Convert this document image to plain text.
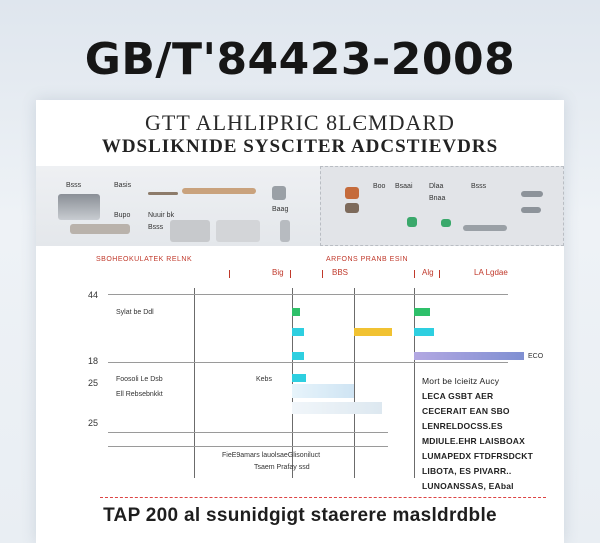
GB/T'84423-2008
GTT ALHLIPRIC 8LЄMDARD
WDSLIKNIDE SYSCITER ADCSTIEVDRS
Bsss	Basis
Bupo	Nuuir bk
Bsss
Baag
Boo Bsaai Dlaa
Bnaa
Bsss
SBOHEOKULATEK RELNK	ARFONS PRANB ESIN
Big	BBS	Alg	LA Lgdae
44
18
25
25
Sylat be Ddl
Foosoli Le Dsb
Ell Rebsebnkkt
Kebs
ECO
Mort be lcieitz Aucy
LECA GSBT AER
CECERAIT EAN SBO
LENRELDOCSS.ES
MDIULE.EHR LAISBOAX
LUMAPEDX FTDFRSDCKT
LIBOTA, ES PIVARR..
LUNOANSSAS, EAbal
FieE9amars lauolsaeGlisoniluct
Tsaem Prafay ssd
TAP 200 al ssunidgigt staerere masldrdble
